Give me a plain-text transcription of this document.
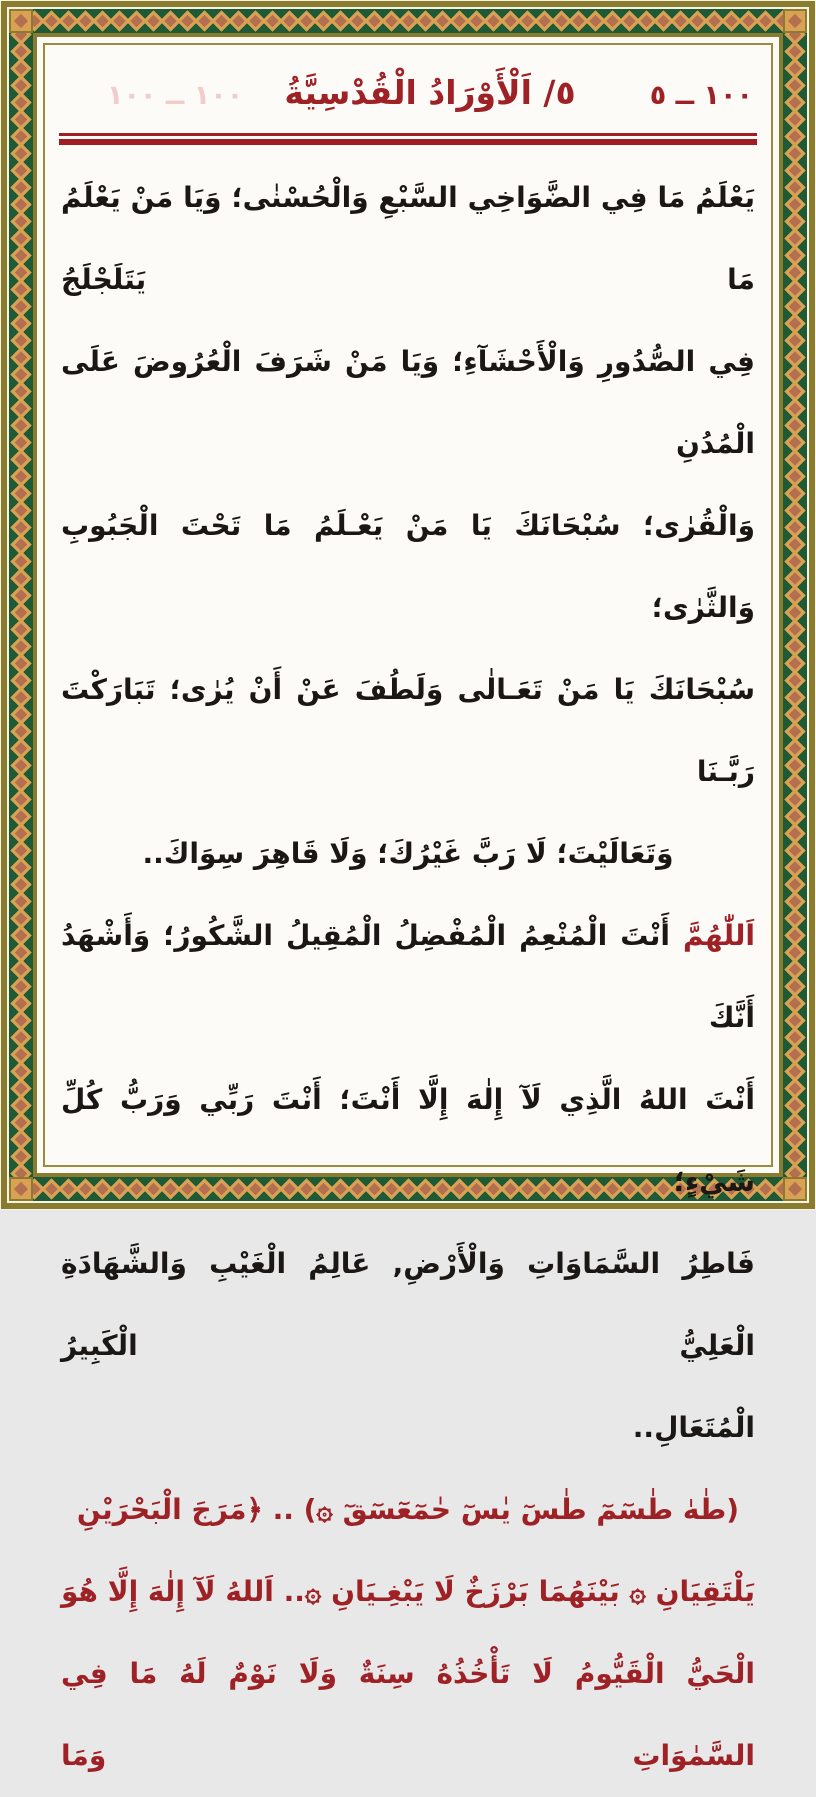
١٠٠ ــ ١٠٠	٥/ اَلْأَوْرَادُ الْقُدْسِيَّةُ	١٠٠ ــ ٥
يَعْلَمُ مَا فِي الضَّوَاخِي السَّبْعِ وَالْحُسْنٰى؛ وَيَا مَنْ يَعْلَمُ مَا يَتَلَجْلَجُ
فِي الصُّدُورِ وَالْأَحْشَآءِ؛ وَيَا مَنْ شَرَفَ الْعُرُوضَ عَلَى الْمُدُنِ
وَالْقُرٰى؛ سُبْحَانَكَ يَا مَنْ يَعْـلَمُ مَا تَحْتَ الْجَبُوبِ وَالثَّرٰى؛
سُبْحَانَكَ يَا مَنْ تَعَـالٰى وَلَطُفَ عَنْ أَنْ يُرٰى؛ تَبَارَكْتَ رَبَّـنَا
وَتَعَالَيْتَ؛ لَا رَبَّ غَيْرُكَ؛ وَلَا قَاهِرَ سِوَاكَ..
اَللّٰهُمَّ أَنْتَ الْمُنْعِمُ الْمُفْضِلُ الْمُقِيلُ الشَّكُورُ؛ وَأَشْهَدُ أَنَّكَ
أَنْتَ اللهُ الَّذِي لَآ إِلٰهَ إِلَّا أَنْتَ؛ أَنْتَ رَبِّي وَرَبُّ كُلِّ شَيْءٍ؛
فَاطِرُ السَّمَاوَاتِ وَالْأَرْضِ, عَالِمُ الْغَيْبِ وَالشَّهَادَةِ الْعَلِيُّ الْكَبِيرُ
الْمُتَعَالِ..
(طٰهٰ طٰسٓمٓ طٰسٓ يٰسٓ حٰمٓعٓسٓقٓ ۞) .. ﴿مَرَجَ الْبَحْرَيْنِ
يَلْتَقِيَانِ ۞ بَيْنَهُمَا بَرْزَخٌ لَا يَبْغِـيَانِ ۞.. اَللهُ لَآ إِلٰهَ إِلَّا هُوَ
الْحَيُّ الْقَيُّومُ لَا تَأْخُذُهُ سِنَةٌ وَلَا نَوْمٌ لَهُ مَا فِي السَّمٰوَاتِ وَمَا
